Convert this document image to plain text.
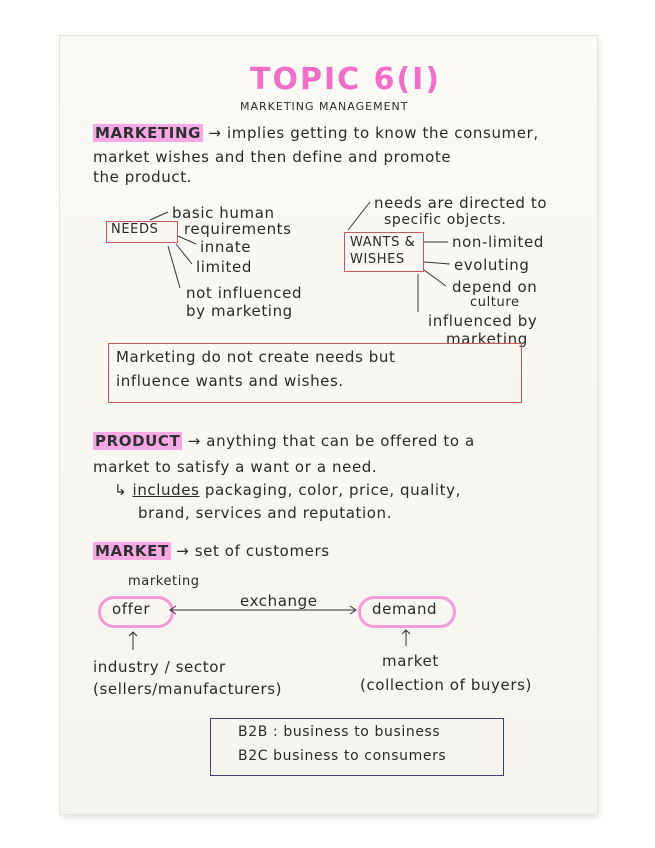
TOPIC 6(I)
MARKETING MANAGEMENT
MARKETING → implies getting to know the consumer,
market wishes and then define and promote
the product.
NEEDS
basic human
requirements
innate
limited
not influenced
by marketing
WANTS &
WISHES
needs are directed to
specific objects.
non-limited
evoluting
depend on
culture
influenced by
marketing
Marketing do not create needs but
influence wants and wishes.
PRODUCT → anything that can be offered to a
market to satisfy a want or a need.
↳ includes packaging, color, price, quality,
brand, services and reputation.
MARKET → set of customers
marketing
exchange
offer	demand
industry / sector
(sellers/manufacturers)
market
(collection of buyers)
B2B : business to business
B2C business to consumers
